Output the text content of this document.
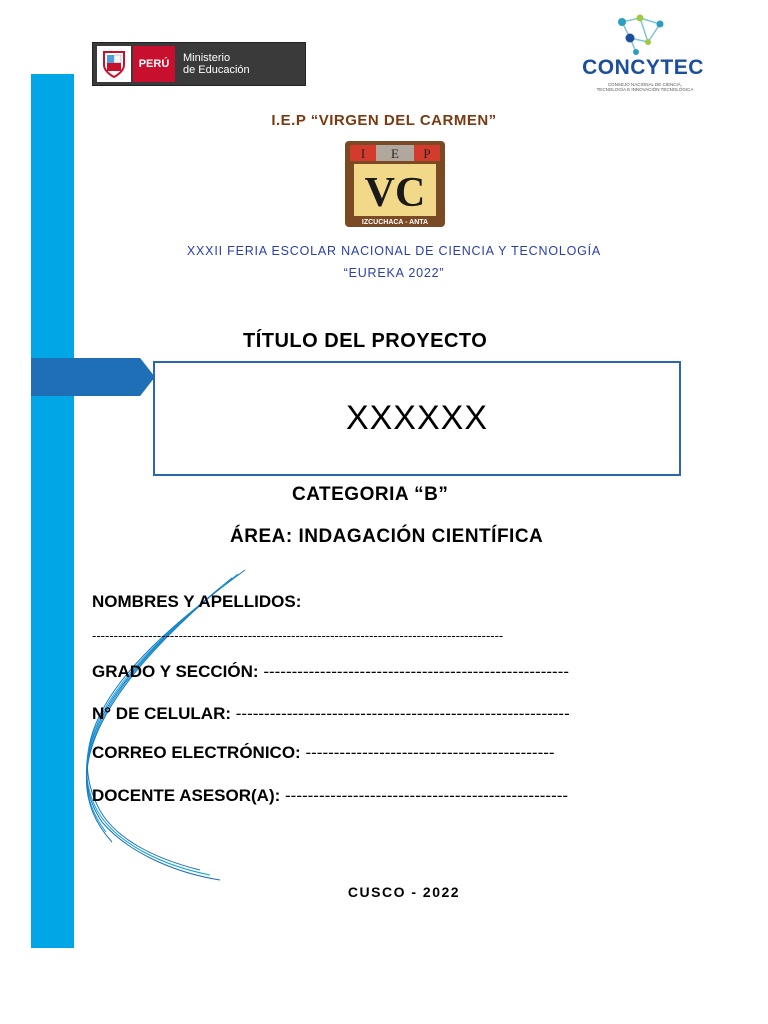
PERÚ	Ministerio
de Educación	CONCYTEC
CONSEJO NACIONAL DE CIENCIA,
TECNOLOGÍA E INNOVACIÓN TECNOLÓGICA
I.E.P “VIRGEN DEL CARMEN”
I E P
VC
IZCUCHACA - ANTA
XXXII FERIA ESCOLAR NACIONAL DE CIENCIA Y TECNOLOGÍA
“EUREKA 2022”
TÍTULO DEL PROYECTO
XXXXXX
CATEGORIA “B”
ÁREA: INDAGACIÓN CIENTÍFICA
NOMBRES Y APELLIDOS:
-----------------------------------------------------------------------------------------------
GRADO Y SECCIÓN: ------------------------------------------------------
N° DE CELULAR: -----------------------------------------------------------
CORREO ELECTRÓNICO: --------------------------------------------
DOCENTE ASESOR(A): --------------------------------------------------
CUSCO - 2022
